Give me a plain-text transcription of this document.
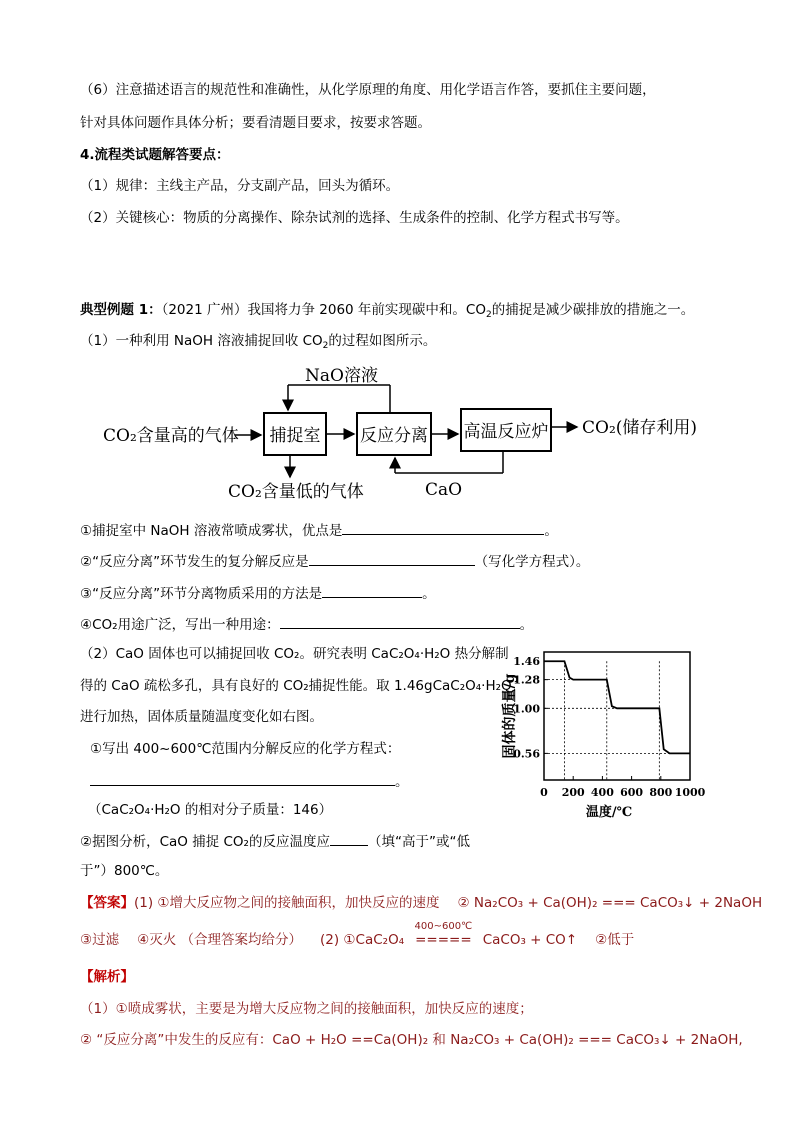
（6）注意描述语言的规范性和准确性，从化学原理的角度、用化学语言作答，要抓住主要问题，
针对具体问题作具体分析；要看清题目要求，按要求答题。
4.流程类试题解答要点：
（1）规律：主线主产品，分支副产品，回头为循环。
（2）关键核心：物质的分离操作、除杂试剂的选择、生成条件的控制、化学方程式书写等。
典型例题 1：（2021 广州）我国将力争 2060 年前实现碳中和。$CO_2$的捕捉是减少碳排放的措施之一。
（1）一种利用 NaOH 溶液捕捉回收 $CO_2$的过程如图所示。
NaO溶液
CO₂含量高的气体 捕捉室 反应分离 高温反应炉 CO₂(储存利用)
CO₂含量低的气体	CaO
①捕捉室中 NaOH 溶液常喷成雾状，优点是	。
②“反应分离”环节发生的复分解反应是	（写化学方程式）。
③“反应分离”环节分离物质采用的方法是	。
④CO₂用途广泛，写出一种用途：	。
（2）CaO 固体也可以捕捉回收 CO₂。研究表明 CaC₂O₄·H₂O 热分解制
得的 CaO 疏松多孔，具有良好的 CO₂捕捉性能。取 1.46gCaC₂O₄·H₂O
进行加热，固体质量随温度变化如右图。
①写出 400~600℃范围内分解反应的化学方程式：
。
（CaC₂O₄·H₂O 的相对分子质量：146）
②据图分析，CaO 捕捉 CO₂的反应温度应	（填“高于”或“低
于”）800℃。
0.56
1.00
1.28
1.46
0 200 400 600 800 1000
温度/℃
固体的质量/g
【答案】(1) ①增大反应物之间的接触面积，加快反应的速度 ② Na₂CO₃ + Ca(OH)₂ === CaCO₃↓ + 2NaOH
③过滤 ④灭火 （合理答案均给分） (2) ①CaC₂O₄
400~600℃
===== CaCO₃ + CO↑ ②低于
【解析】
（1）①喷成雾状，主要是为增大反应物之间的接触面积，加快反应的速度；
② “反应分离”中发生的反应有：CaO + H₂O ==Ca(OH)₂ 和 Na₂CO₃ + Ca(OH)₂ === CaCO₃↓ + 2NaOH,
